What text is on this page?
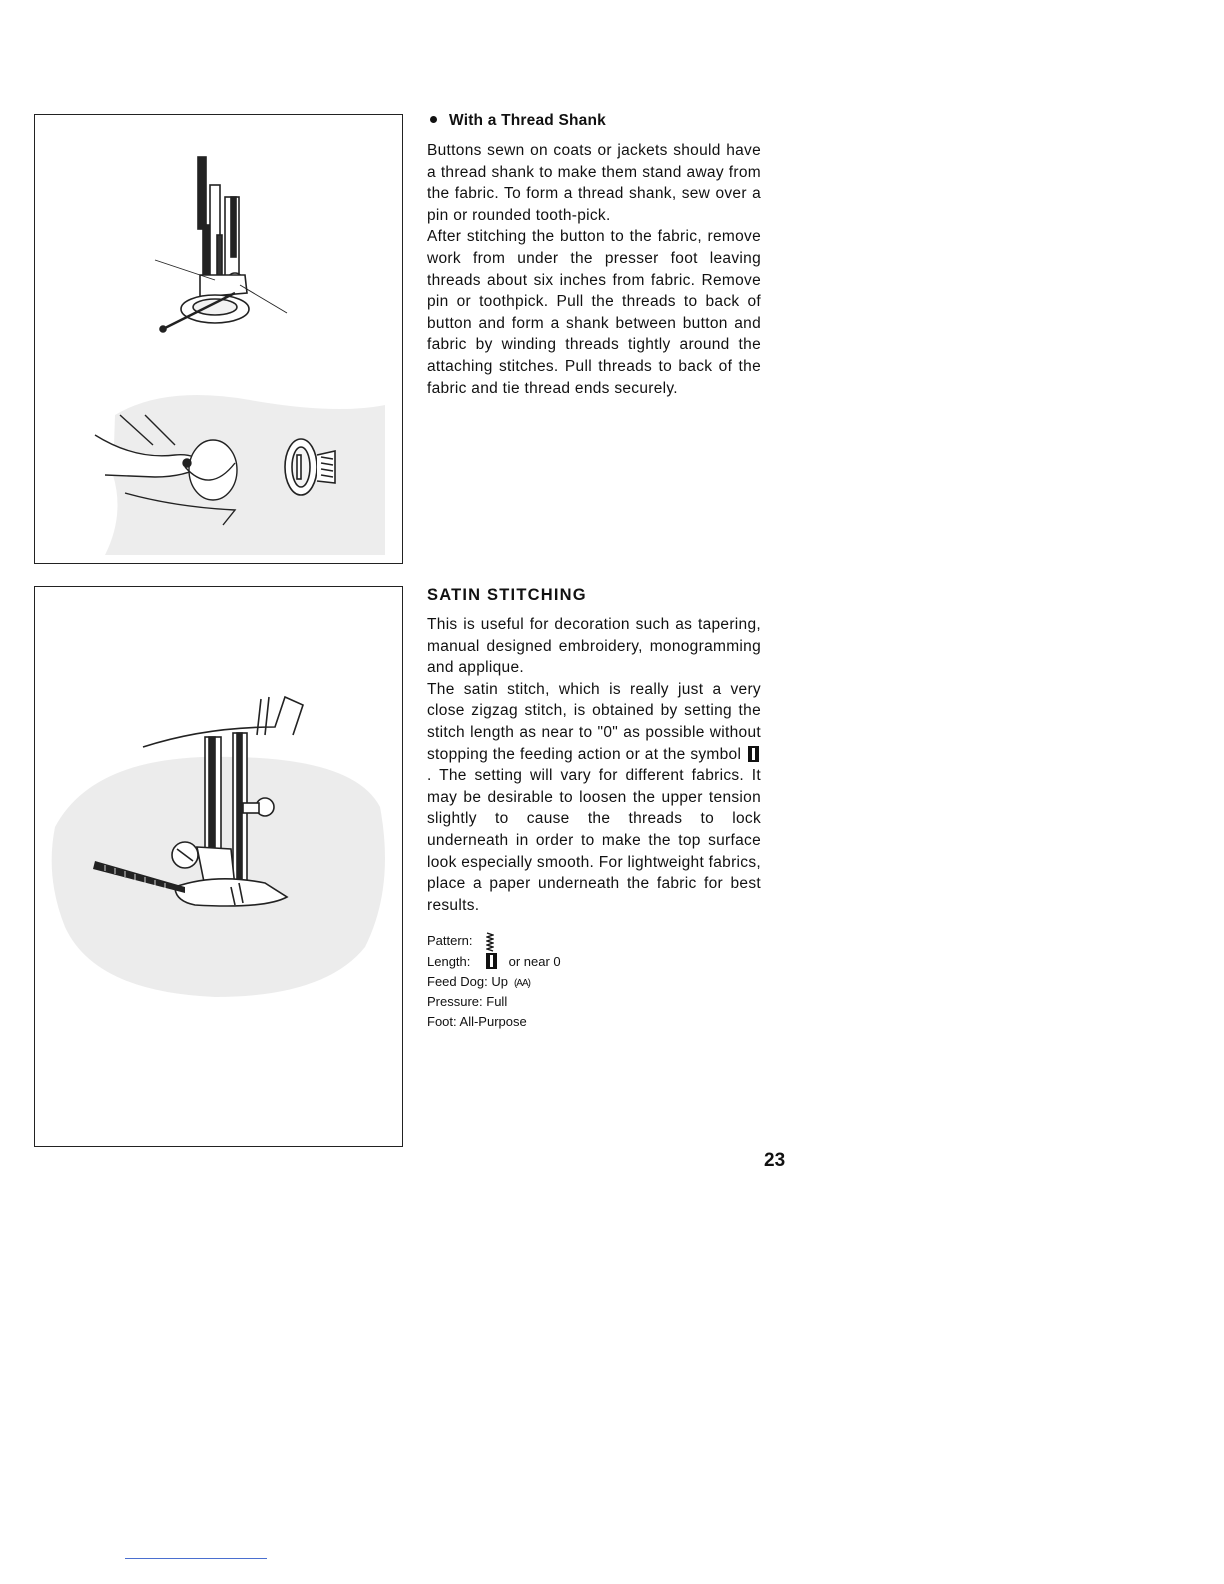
With a Thread Shank

Buttons sewn on coats or jackets should have a thread shank to make them stand away from the fabric. To form a thread shank, sew over a pin or rounded tooth-pick.

After stitching the button to the fabric, remove work from under the presser foot leaving threads about six inches from fabric. Remove pin or toothpick. Pull the threads to back of button and form a shank between button and fabric by winding threads tightly around the attaching stitches. Pull threads to back of the fabric and tie thread ends securely.

SATIN STITCHING

This is useful for decoration such as tapering, manual designed embroidery, monogramming and applique.

The satin stitch, which is really just a very close zigzag stitch, is obtained by setting the stitch length as near to "0" as possible without stopping the feeding action or at the symbol . The setting will vary for different fabrics. It may be desirable to loosen the upper tension slightly to cause the threads to lock underneath in order to make the top surface look especially smooth. For lightweight fabrics, place a paper underneath the fabric for best results.

Pattern:
Length:	or near 0
Feed Dog: Up (AA)
Pressure: Full
Foot: All-Purpose
23
